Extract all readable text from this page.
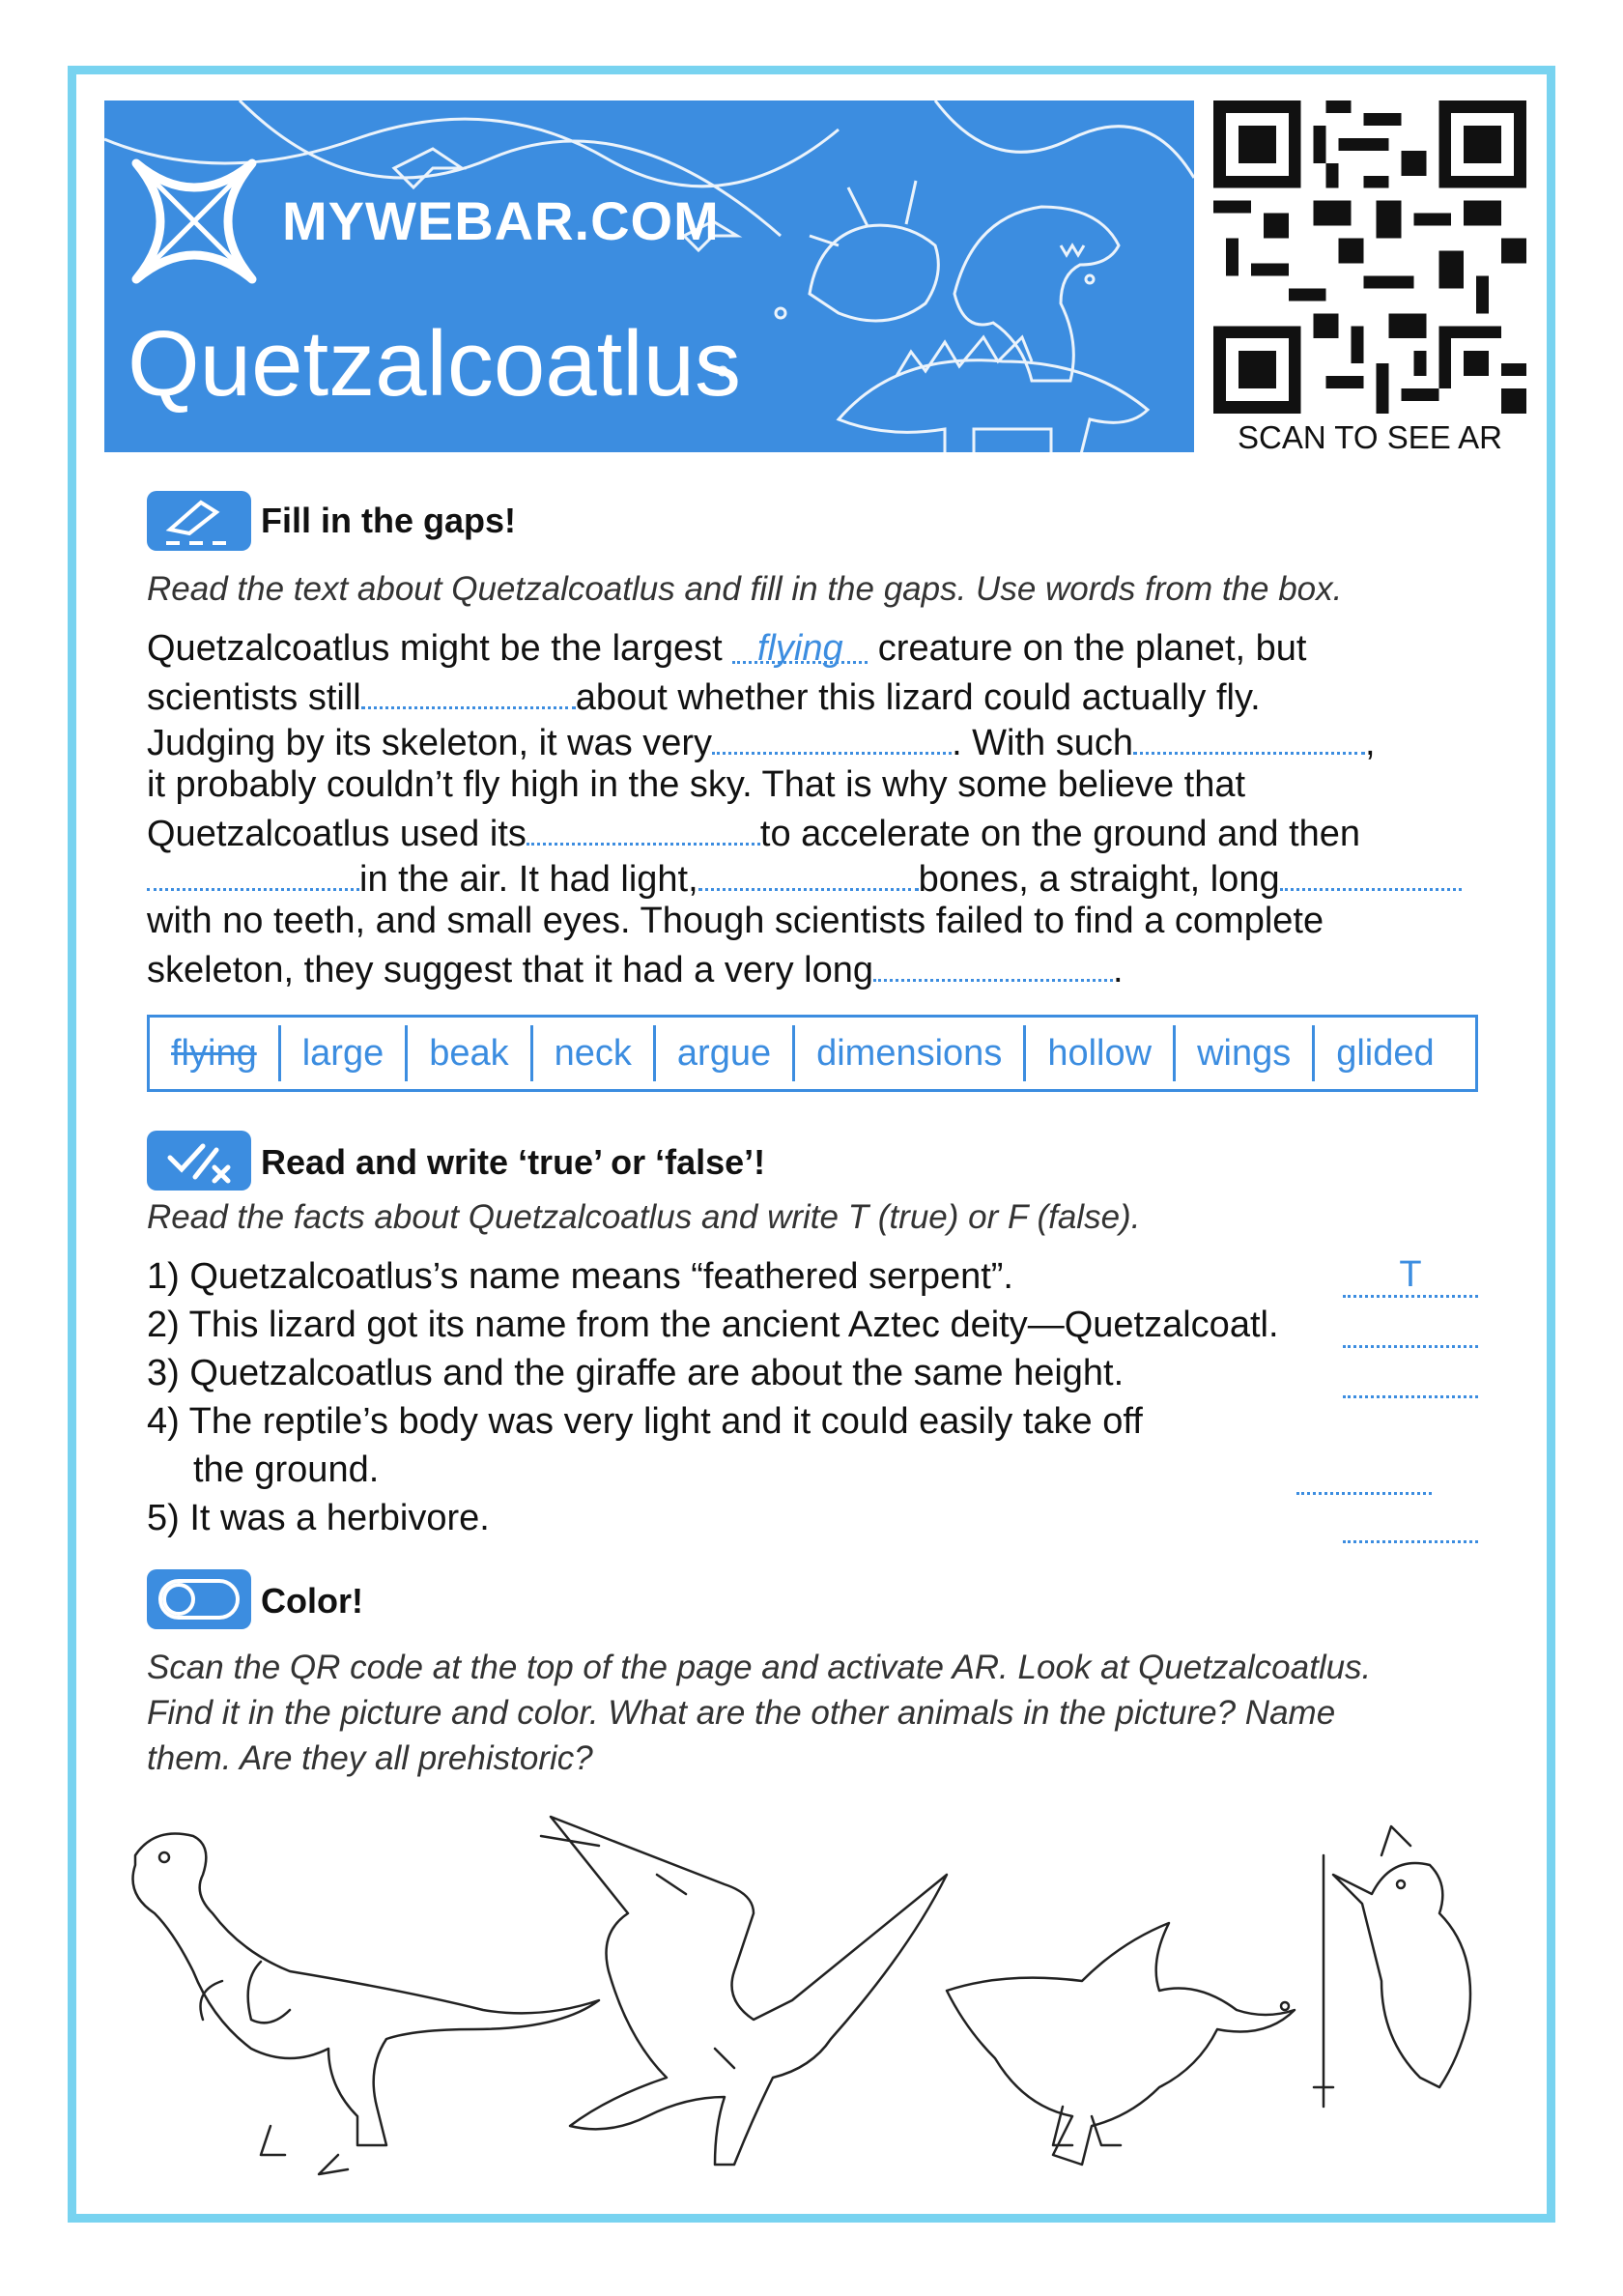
MYWEBAR.COM
Quetzalcoatlus
SCAN TO SEE AR
Fill in the gaps!
Read the text about Quetzalcoatlus and fill in the gaps. Use words from the box.
Quetzalcoatlus might be the largest flying creature on the planet, but
scientists still	about whether this lizard could actually fly.
Judging by its skeleton, it was very	. With such	,
it probably couldn’t fly high in the sky. That is why some believe that
Quetzalcoatlus used its	to accelerate on the ground and then
in the air. It had light,	bones, a straight, long
with no teeth, and small eyes. Though scientists failed to find a complete
skeleton, they suggest that it had a very long	.
flying	large	beak	neck	argue	dimensions	hollow	wings	glided
Read and write ‘true’ or ‘false’!
Read the facts about Quetzalcoatlus and write T (true) or F (false).
1) Quetzalcoatlus’s name means “feathered serpent”.	T
2) This lizard got its name from the ancient Aztec deity—Quetzalcoatl.
3) Quetzalcoatlus and the giraffe are about the same height.
4) The reptile’s body was very light and it could easily take off
the ground.
5) It was a herbivore.
Color!
Scan the QR code at the top of the page and activate AR. Look at Quetzalcoatlus.
Find it in the picture and color. What are the other animals in the picture? Name
them. Are they all prehistoric?
